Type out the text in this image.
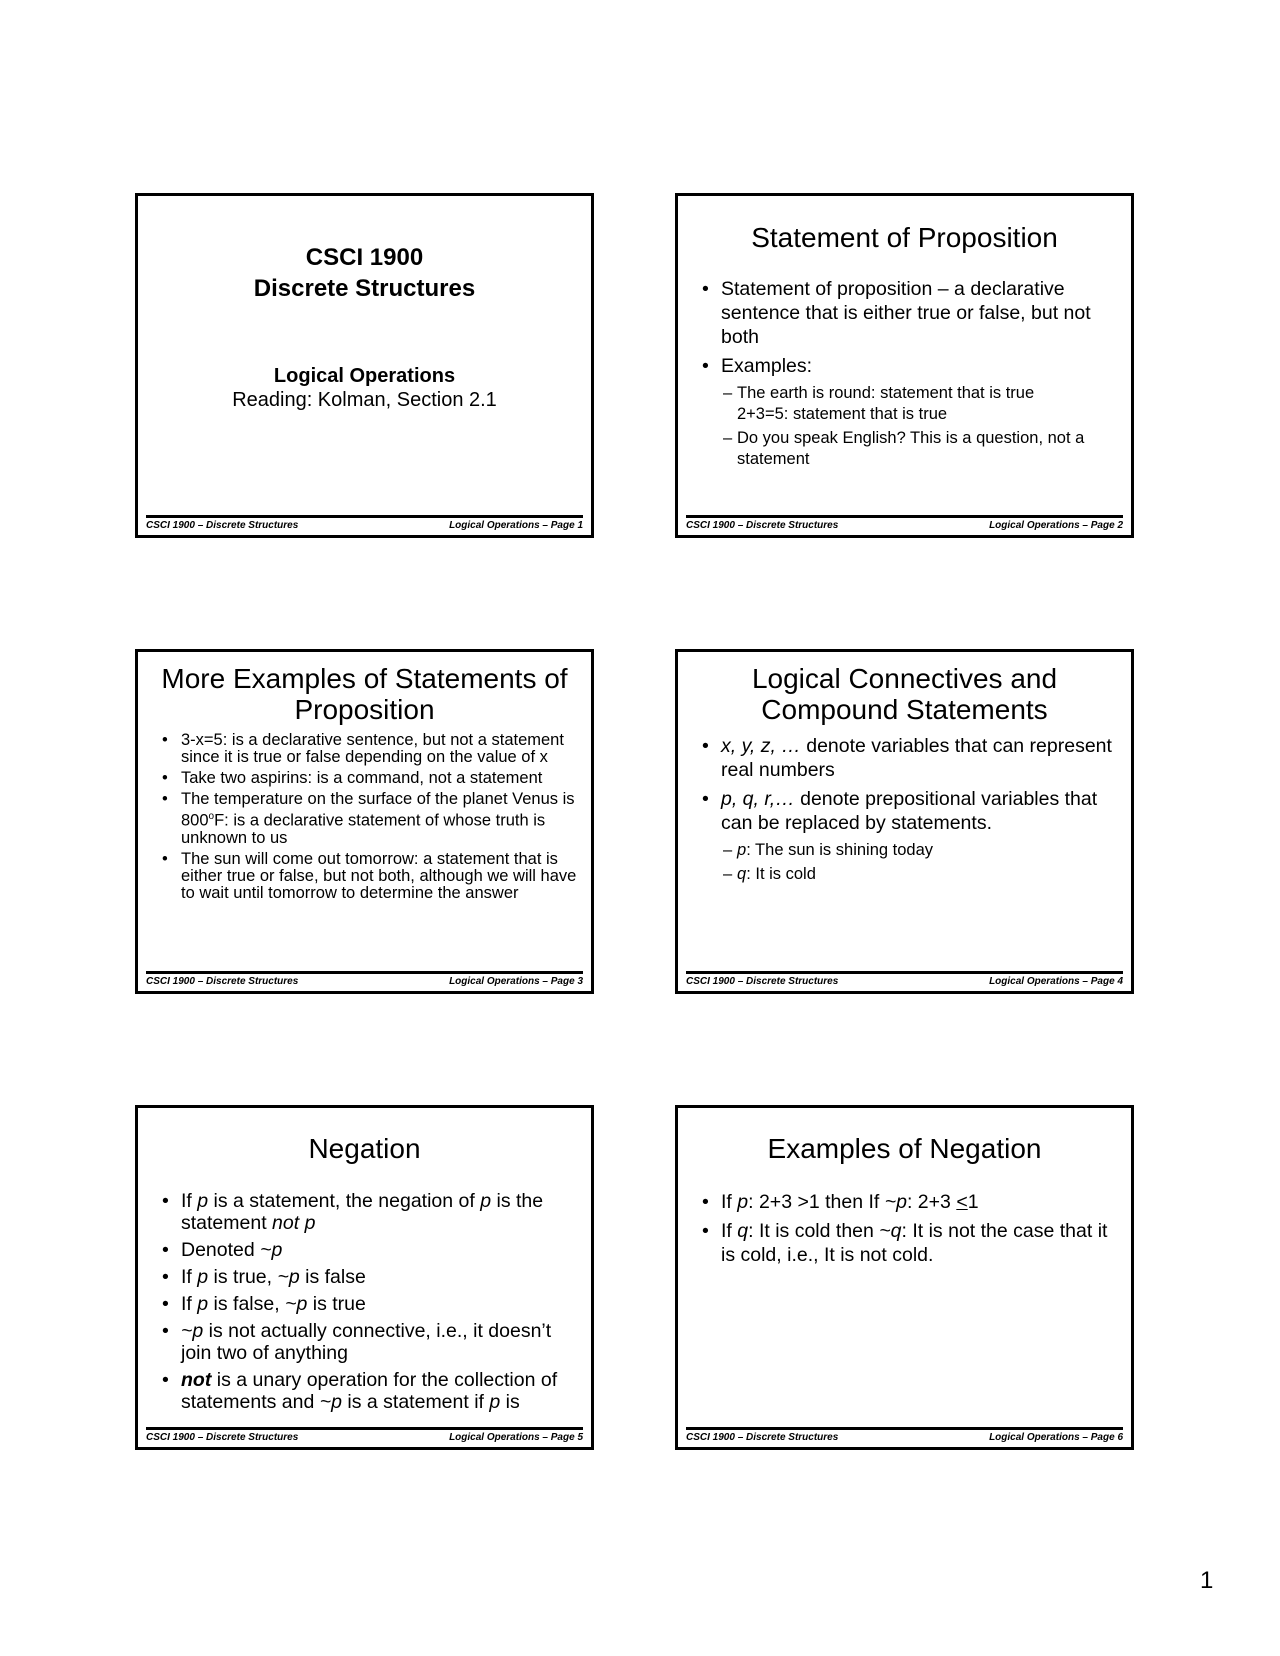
CSCI 1900
Discrete Structures
Logical Operations
Reading: Kolman, Section 2.1
CSCI 1900 – Discrete Structures	Logical Operations – Page 1
Statement of Proposition
• Statement of proposition – a declarative sentence that is either true or false, but not both
• Examples:
– The earth is round: statement that is true
2+3=5: statement that is true
– Do you speak English? This is a question, not a statement
CSCI 1900 – Discrete Structures	Logical Operations – Page 2
More Examples of Statements of Proposition
• 3-x=5: is a declarative sentence, but not a statement since it is true or false depending on the value of x
• Take two aspirins: is a command, not a statement
• The temperature on the surface of the planet Venus is 800$^o$F: is a declarative statement of whose truth is unknown to us
• The sun will come out tomorrow: a statement that is either true or false, but not both, although we will have to wait until tomorrow to determine the answer
CSCI 1900 – Discrete Structures	Logical Operations – Page 3
Logical Connectives and Compound Statements
• x, y, z, … denote variables that can represent real numbers
• p, q, r,… denote prepositional variables that can be replaced by statements.
– p: The sun is shining today
– q: It is cold
CSCI 1900 – Discrete Structures	Logical Operations – Page 4
Negation
• If p is a statement, the negation of p is the statement not p
• Denoted ~p
• If p is true, ~p is false
• If p is false, ~p is true
• ~p is not actually connective, i.e., it doesn’t join two of anything
• not is a unary operation for the collection of statements and ~p is a statement if p is
CSCI 1900 – Discrete Structures	Logical Operations – Page 5
Examples of Negation
• If p: 2+3 >1 then If ~p: 2+3 <1
• If q: It is cold then ~q: It is not the case that it is cold, i.e., It is not cold.
CSCI 1900 – Discrete Structures	Logical Operations – Page 6
1
